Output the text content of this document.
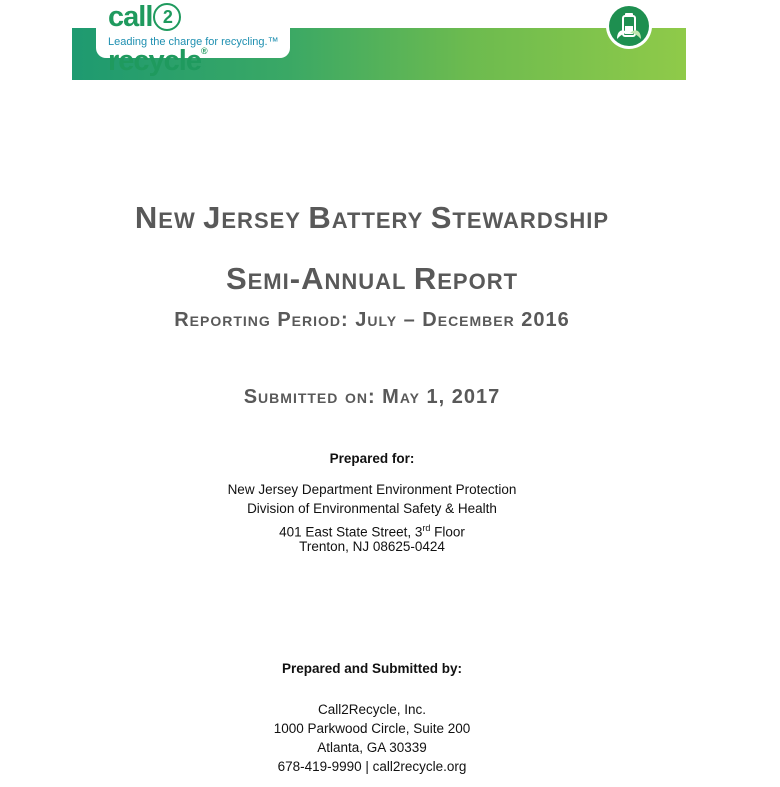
call 2recycle®
Leading the charge for recycling.™
New Jersey Battery Stewardship
Semi-Annual Report
Reporting Period: July – December 2016
Submitted on: May 1, 2017
Prepared for:
New Jersey Department Environment Protection
Division of Environmental Safety & Health
401 East State Street, 3rd Floor
Trenton, NJ 08625-0424
Prepared and Submitted by:
Call2Recycle, Inc.
1000 Parkwood Circle, Suite 200
Atlanta, GA 30339
678-419-9990 | call2recycle.org
